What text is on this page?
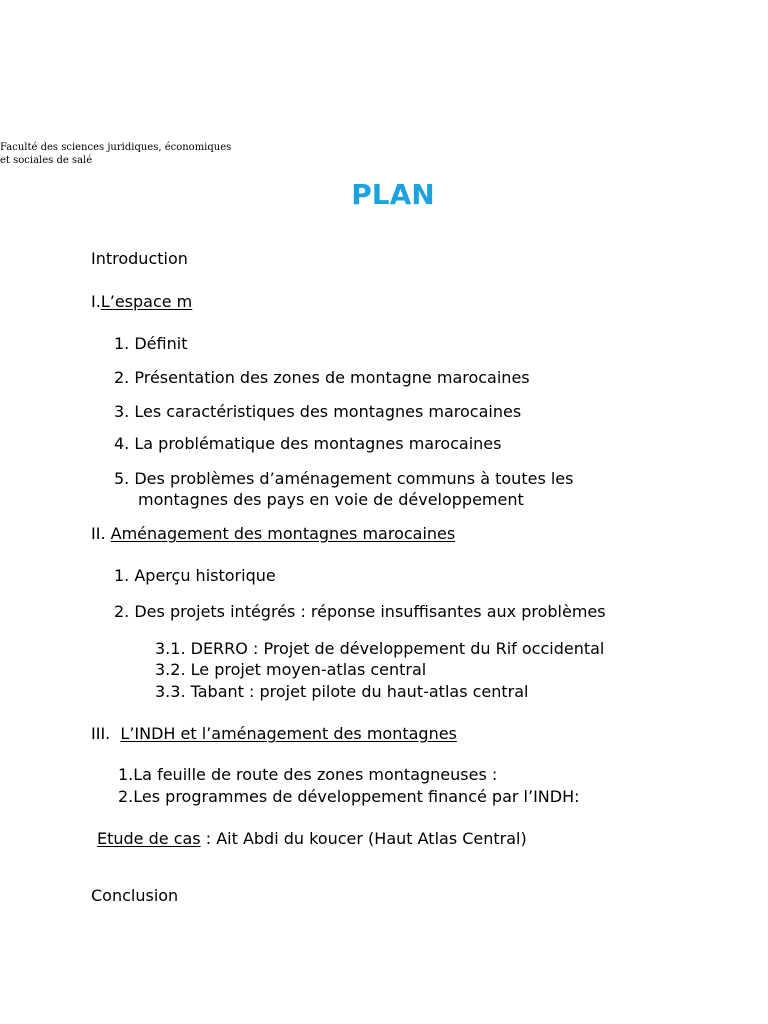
Faculté des sciences juridiques, économiques
et sociales de salé
PLAN
Introduction
I.L’espace m
1. Définit
2. Présentation des zones de montagne marocaines
3. Les caractéristiques des montagnes marocaines
4. La problématique des montagnes marocaines
5. Des problèmes d’aménagement communs à toutes les
montagnes des pays en voie de développement
II. Aménagement des montagnes marocaines
1. Aperçu historique
2. Des projets intégrés : réponse insuffisantes aux problèmes
3.1. DERRO : Projet de développement du Rif occidental
3.2. Le projet moyen-atlas central
3.3. Tabant : projet pilote du haut-atlas central
III. L’INDH et l’aménagement des montagnes
1.La feuille de route des zones montagneuses :
2.Les programmes de développement financé par l’INDH:
Etude de cas : Ait Abdi du koucer (Haut Atlas Central)
Conclusion
